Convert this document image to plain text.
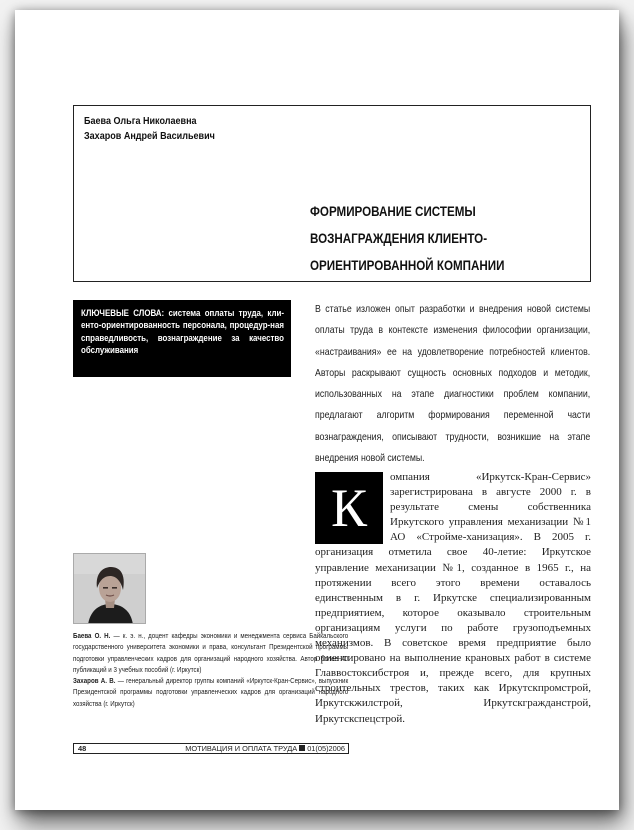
Баева Ольга Николаевна
Захаров Андрей Васильевич
ФОРМИРОВАНИЕ СИСТЕМЫ
ВОЗНАГРАЖДЕНИЯ КЛИЕНТО-
ОРИЕНТИРОВАННОЙ КОМПАНИИ

КЛЮЧЕВЫЕ СЛОВА: система оплаты труда, кли- енто-ориентированность персонала, процедур-ная справедливость, вознаграждение за качество обслуживания

В статье изложен опыт разработки и внедрения новой системы оплаты труда в контексте изменения философии организации, «настраивания» ее на удовлетворение потребностей клиентов. Авторы раскрывают сущность основных подходов и методик, использованных на этапе диагностики проблем компании, предлагают алгоритм формирования переменной части вознаграждения, описывают трудности, возникшие на этапе внедрения новой системы.
К
омпания «Иркутск-Кран-Сервис» зарегистрирована в августе 2000 г. в результате смены собственника Иркутского управления механизации №1 АО «Стройме-ханизация». В 2005 г. организация отметила свое 40-летие: Иркутское управление механизации №1, созданное в 1965 г., на протяжении всего этого времени оставалось единственным в г. Иркутске специализированным предприятием, которое оказывало строительным организациям услуги по работе грузоподъемных механизмов. В советское время предприятие было ориентировано на выполнение крановых работ в системе Главвостоксибстроя и, прежде всего, для крупных строительных трестов, таких как Иркутскпромстрой, Иркутскжилстрой, Иркутскгражданстрой, Иркутскспецстрой.

Баева О. Н. — к. э. н., доцент кафедры экономики и менеджмента сервиса Байкальского государственного университета экономики и права, консультант Президентской программы подготовки управленческих кадров для организаций народного хозяйства. Автор более 40 публикаций и 3 учебных пособий (г. Иркутск)

Захаров А. В. — генеральный директор группы компаний «Иркутск-Кран-Сервис», выпускник Президентской программы подготовки управленческих кадров для организаций народного хозяйства (г. Иркутск)

48	МОТИВАЦИЯ И ОПЛАТА ТРУДА 01(05)2006
